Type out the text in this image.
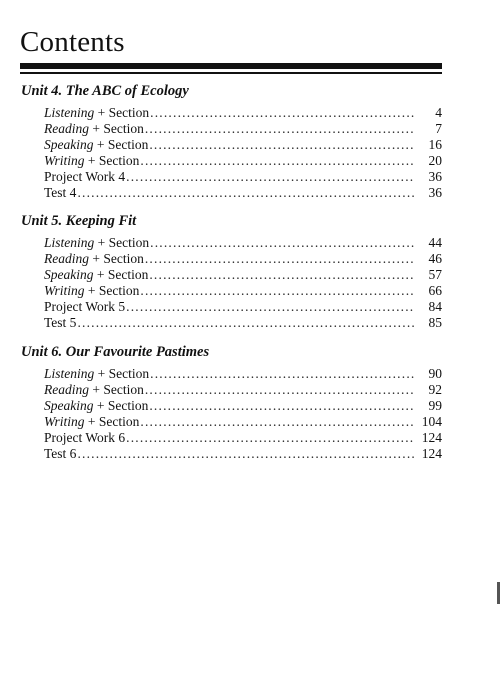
Contents
Unit 4. The ABC of Ecology
Listening + Section .....	4
Reading + Section .....	7
Speaking + Section .....	16
Writing + Section .....	20
Project Work 4 .....	36
Test 4 .....	36
Unit 5. Keeping Fit
Listening + Section .....	44
Reading + Section .....	46
Speaking + Section .....	57
Writing + Section .....	66
Project Work 5 .....	84
Test 5 .....	85
Unit 6. Our Favourite Pastimes
Listening + Section .....	90
Reading + Section .....	92
Speaking + Section .....	99
Writing + Section .....	104
Project Work 6 .....	124
Test 6 .....	124
